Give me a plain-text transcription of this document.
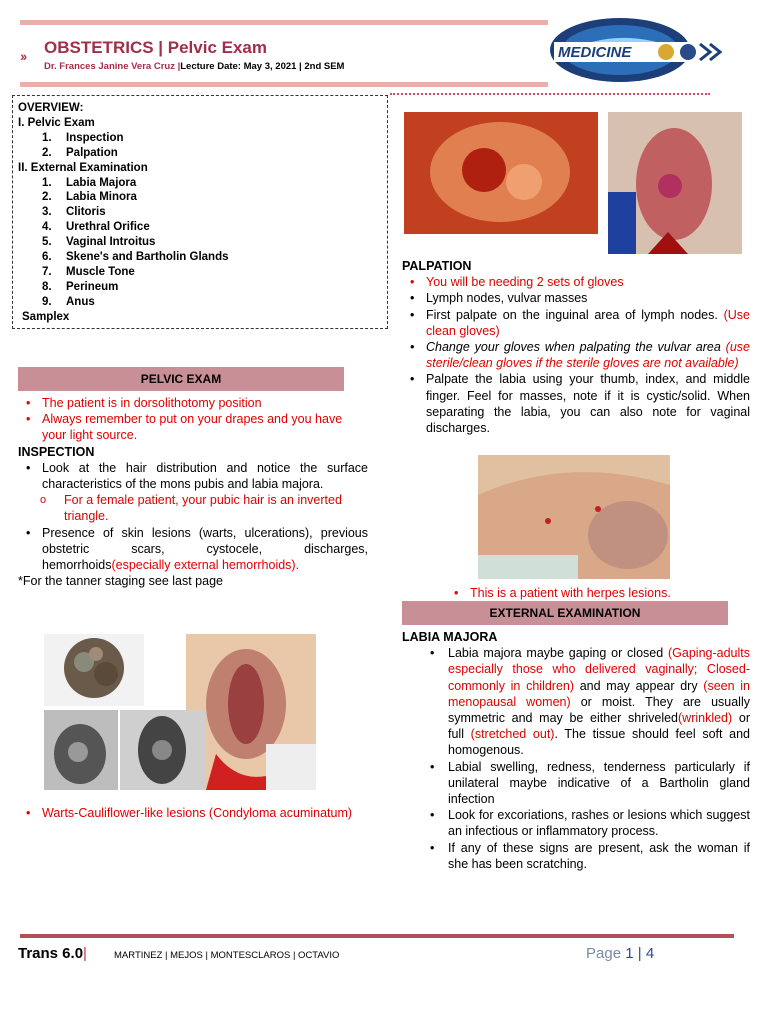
›› OBSTETRICS | Pelvic Exam
Dr. Frances Janine Vera Cruz |Lecture Date: May 3, 2021 | 2nd SEM
MEDICINE
OVERVIEW:
I. Pelvic Exam
1. Inspection
2. Palpation
II. External Examination
1. Labia Majora
2. Labia Minora
3. Clitoris
4. Urethral Orifice
5. Vaginal Introitus
6. Skene's and Bartholin Glands
7. Muscle Tone
8. Perineum
9. Anus
Samplex
PELVIC EXAM
• The patient is in dorsolithotomy position
• Always remember to put on your drapes and you have your light source.
INSPECTION
• Look at the hair distribution and notice the surface characteristics of the mons pubis and labia majora.
o For a female patient, your pubic hair is an inverted triangle.
• Presence of skin lesions (warts, ulcerations), previous obstetric scars, cystocele, discharges, hemorrhoids(especially external hemorrhoids).
*For the tanner staging see last page
• Warts-Cauliflower-like lesions (Condyloma acuminatum)
PALPATION
• You will be needing 2 sets of gloves
• Lymph nodes, vulvar masses
• First palpate on the inguinal area of lymph nodes. (Use clean gloves)
• Change your gloves when palpating the vulvar area (use sterile/clean gloves if the sterile gloves are not available)
• Palpate the labia using your thumb, index, and middle finger. Feel for masses, note if it is cystic/solid. When separating the labia, you can also note for vaginal discharges.
• This is a patient with herpes lesions.
EXTERNAL EXAMINATION
LABIA MAJORA
• Labia majora maybe gaping or closed (Gaping-adults especially those who delivered vaginally; Closed- commonly in children) and may appear dry (seen in menopausal women) or moist. They are usually symmetric and may be either shriveled(wrinkled) or full (stretched out). The tissue should feel soft and homogenous.
• Labial swelling, redness, tenderness particularly if unilateral maybe indicative of a Bartholin gland infection
• Look for excoriations, rashes or lesions which suggest an infectious or inflammatory process.
• If any of these signs are present, ask the woman if she has been scratching.
Trans 6.0|	MARTINEZ | MEJOS | MONTESCLAROS | OCTAVIO	Page 1 | 4
